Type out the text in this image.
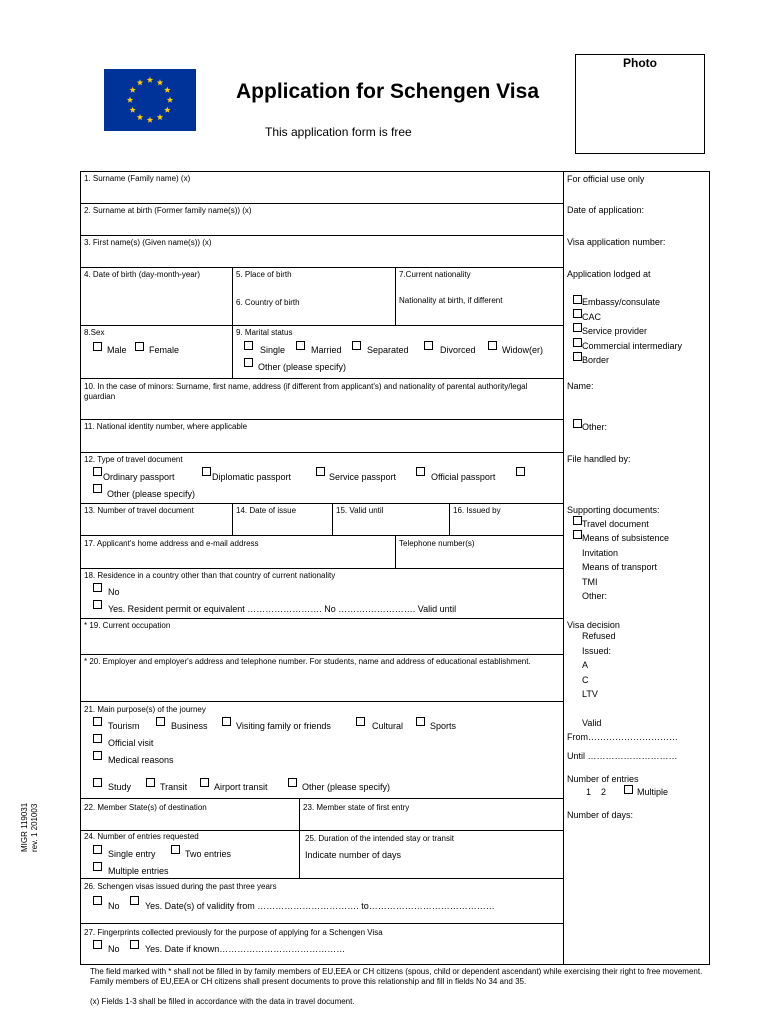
Application for Schengen Visa
This application form is free
Photo
1. Surname (Family name) (x)
2. Surname at birth (Former family name(s)) (x)
3. First name(s) (Given name(s)) (x)
4. Date of birth (day-month-year)	5. Place of birth
6. Country of birth
7.Current nationality
Nationality at birth, if different
8.Sex
Male Female
9. Marital status
Single	Married	Separated	Divorced	Widow(er)
Other (please specify)
10. In the case of minors: Surname, first name, address (if different from applicant's) and nationality of parental authority/legal guardian
11. National identity number, where applicable
12. Type of travel document
Ordinary passport	Diplomatic passport	Service passport	Official passport
Other (please specify)
13. Number of travel document	14. Date of issue	15. Valid until	16. Issued by
17. Applicant's home address and e-mail address	Telephone number(s)
18. Residence in a country other than that country of current nationality
No
Yes. Resident permit or equivalent ……………………. No ……….……………. Valid until
* 19. Current occupation
* 20. Employer and employer's address and telephone number. For students, name and address of educational establishment.
21. Main purpose(s) of the journey
Tourism	Business	Visiting family or friends	Cultural	Sports
Official visit
Medical reasons
Study	Transit	Airport transit	Other (please specify)
22. Member State(s) of destination	23. Member state of first entry
24. Number of entries requested
Single entry	Two entries
Multiple entries
25. Duration of the intended stay or transit
Indicate number of days
26. Schengen visas issued during the past three years
No	Yes. Date(s) of validity from ……………………………. to……………………………………
27. Fingerprints collected previously for the purpose of applying for a Schengen Visa
No	Yes. Date if known……………………………………
For official use only
Date of application:
Visa application number:
Application lodged at
Embassy/consulate
CAC
Service provider
Commercial intermediary
Border
Name:
Other:
File handled by:
Supporting documents:
Travel document
Means of subsistence
Invitation
Means of transport
TMI
Other:
Visa decision
Refused
Issued:
A
C
LTV
Valid
From…………………………
Until …………………………
Number of entries
1    2	Multiple
Number of days:
MIGR 119031 rev. 1 201003
The field marked with * shall not be filled in by family members of EU,EEA or CH citizens (spous, child or dependent ascendant) while exercising their right to free movement. Family members of EU,EEA or CH citizens shall present documents to prove this relationship and fill in fields No 34 and 35.
(x) Fields 1-3 shall be filled in accordance with the data in travel document.
